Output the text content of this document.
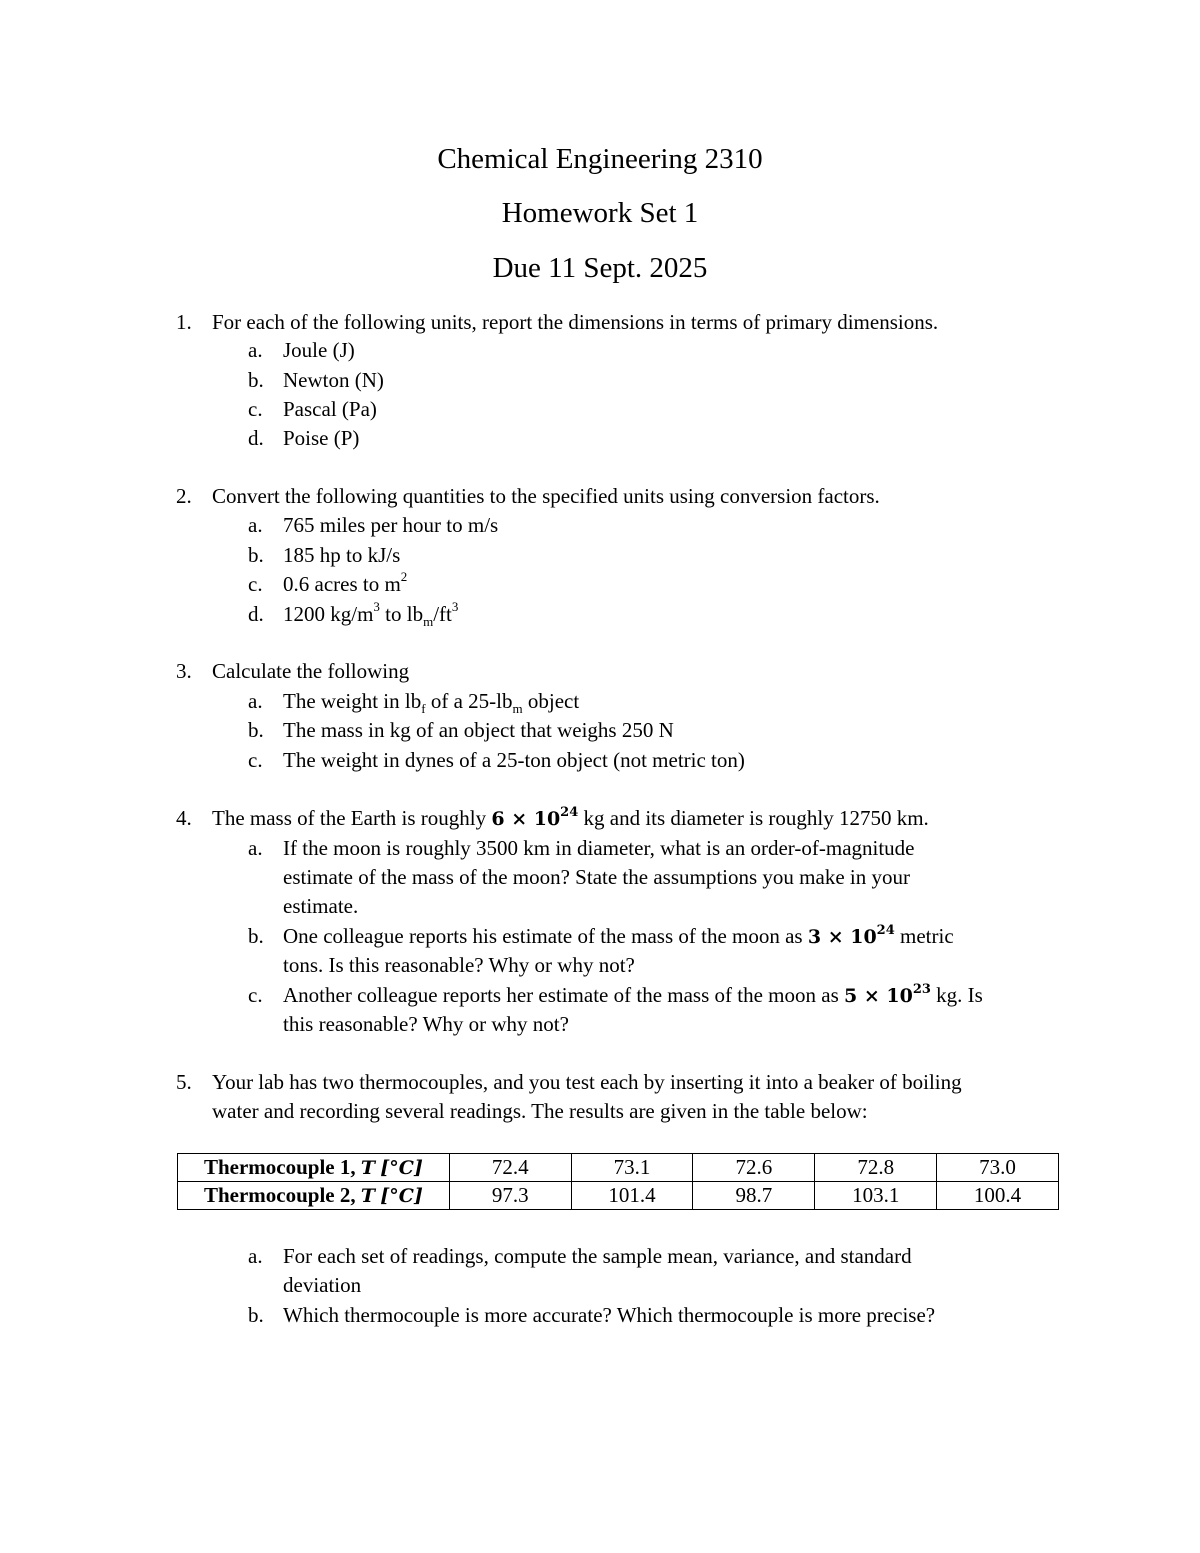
Chemical Engineering 2310
Homework Set 1
Due 11 Sept. 2025
1. For each of the following units, report the dimensions in terms of primary dimensions.
a. Joule (J)
b. Newton (N)
c. Pascal (Pa)
d. Poise (P)
2. Convert the following quantities to the specified units using conversion factors.
a. 765 miles per hour to m/s
b. 185 hp to kJ/s
c. 0.6 acres to $m^2$
d. 1200 $kg/m^3$ to $lb_m/ft^3$
3. Calculate the following
a. The weight in $lb_f$ of a $25-lb_m$ object
b. The mass in kg of an object that weighs 250 N
c. The weight in dynes of a 25-ton object (not metric ton)
4. The mass of the Earth is roughly $6 \times 10^{24}$ kg and its diameter is roughly 12750 km.
a. If the moon is roughly 3500 km in diameter, what is an order-of-magnitude
estimate of the mass of the moon? State the assumptions you make in your
estimate.
b. One colleague reports his estimate of the mass of the moon as $3 \times 10^{24}$ metric
tons. Is this reasonable? Why or why not?
c. Another colleague reports her estimate of the mass of the moon as $5 \times 10^{23}$ kg. Is
this reasonable? Why or why not?
5. Your lab has two thermocouples, and you test each by inserting it into a beaker of boiling
water and recording several readings. The results are given in the table below:
Thermocouple 1, T [°C]	72.4	73.1	72.6	72.8	73.0
Thermocouple 2, T [°C]	97.3	101.4	98.7	103.1	100.4
a. For each set of readings, compute the sample mean, variance, and standard
deviation
b. Which thermocouple is more accurate? Which thermocouple is more precise?
